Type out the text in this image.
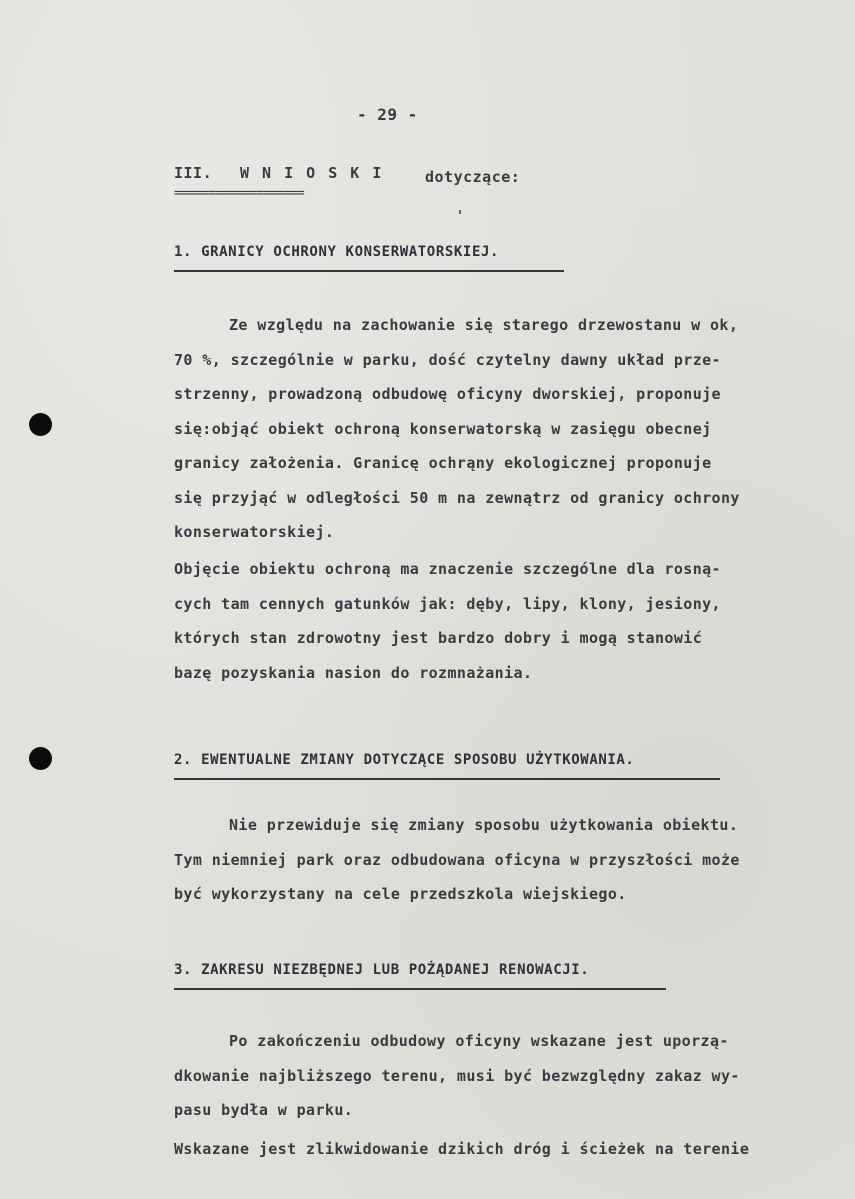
- 29 -
III. W N I O S K I	dotyczące:
===================
1. GRANICY OCHRONY KONSERWATORSKIEJ.
Ze względu na zachowanie się starego drzewostanu w ok,
70 %, szczególnie w parku, dość czytelny dawny układ prze-
strzenny, prowadzoną odbudowę oficyny dworskiej, proponuje
się:objąć obiekt ochroną konserwatorską w zasięgu obecnej
granicy założenia. Granicę ochrąny ekologicznej proponuje
się przyjąć w odległości 50 m na zewnątrz od granicy ochrony
konserwatorskiej.
Objęcie obiektu ochroną ma znaczenie szczególne dla rosną-
cych tam cennych gatunków jak: dęby, lipy, klony, jesiony,
których stan zdrowotny jest bardzo dobry i mogą stanowić
bazę pozyskania nasion do rozmnażania.
2. EWENTUALNE ZMIANY DOTYCZĄCE SPOSOBU UŻYTKOWANIA.
Nie przewiduje się zmiany sposobu użytkowania obiektu.
Tym niemniej park oraz odbudowana oficyna w przyszłości może
być wykorzystany na cele przedszkola wiejskiego.
3. ZAKRESU NIEZBĘDNEJ LUB POŻĄDANEJ RENOWACJI.
Po zakończeniu odbudowy oficyny wskazane jest uporzą-
dkowanie najbliższego terenu, musi być bezwzględny zakaz wy-
pasu bydła w parku.
Wskazane jest zlikwidowanie dzikich dróg i ścieżek na terenie
